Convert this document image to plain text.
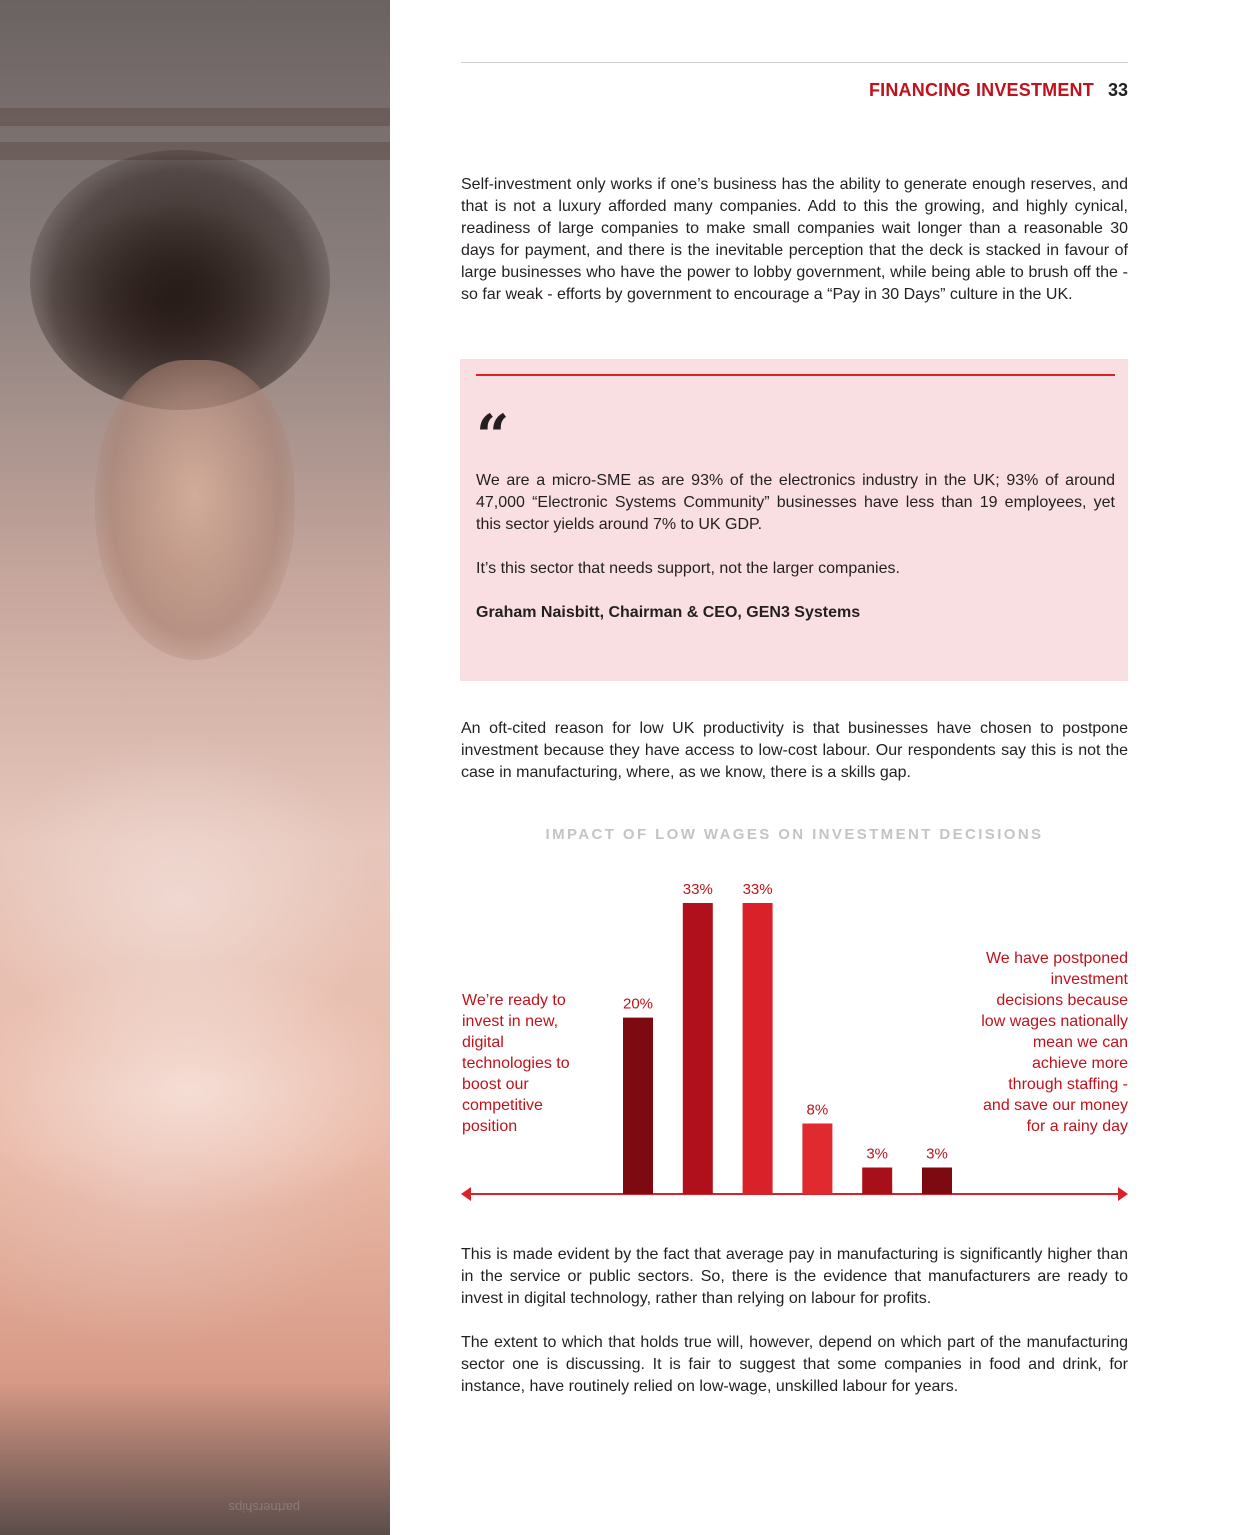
partnerships
FINANCING INVESTMENT 33

Self-investment only works if one’s business has the ability to generate enough reserves, and that is not a luxury afforded many companies. Add to this the growing, and highly cynical, readiness of large companies to make small companies wait longer than a reasonable 30 days for payment, and there is the inevitable perception that the deck is stacked in favour of large businesses who have the power to lobby government, while being able to brush off the - so far weak - efforts by government to encourage a “Pay in 30 Days” culture in the UK.

“

We are a micro-SME as are 93% of the electronics industry in the UK; 93% of around 47,000 “Electronic Systems Community” businesses have less than 19 employees, yet this sector yields around 7% to UK GDP.

It’s this sector that needs support, not the larger companies.

Graham Naisbitt, Chairman & CEO, GEN3 Systems

An oft-cited reason for low UK productivity is that businesses have chosen to postpone investment because they have access to low-cost labour. Our respondents say this is not the case in manufacturing, where, as we know, there is a skills gap.

IMPACT OF LOW WAGES ON INVESTMENT DECISIONS
We’re ready to invest in new, digital technologies to boost our competitive position
We have postponed investment decisions because low wages nationally mean we can achieve more through staffing - and save our money for a rainy day
20%
33% 33%
8%
3%	3%

This is made evident by the fact that average pay in manufacturing is significantly higher than in the service or public sectors. So, there is the evidence that manufacturers are ready to invest in digital technology, rather than relying on labour for profits.

The extent to which that holds true will, however, depend on which part of the manufacturing sector one is discussing. It is fair to suggest that some companies in food and drink, for instance, have routinely relied on low-wage, unskilled labour for years.
